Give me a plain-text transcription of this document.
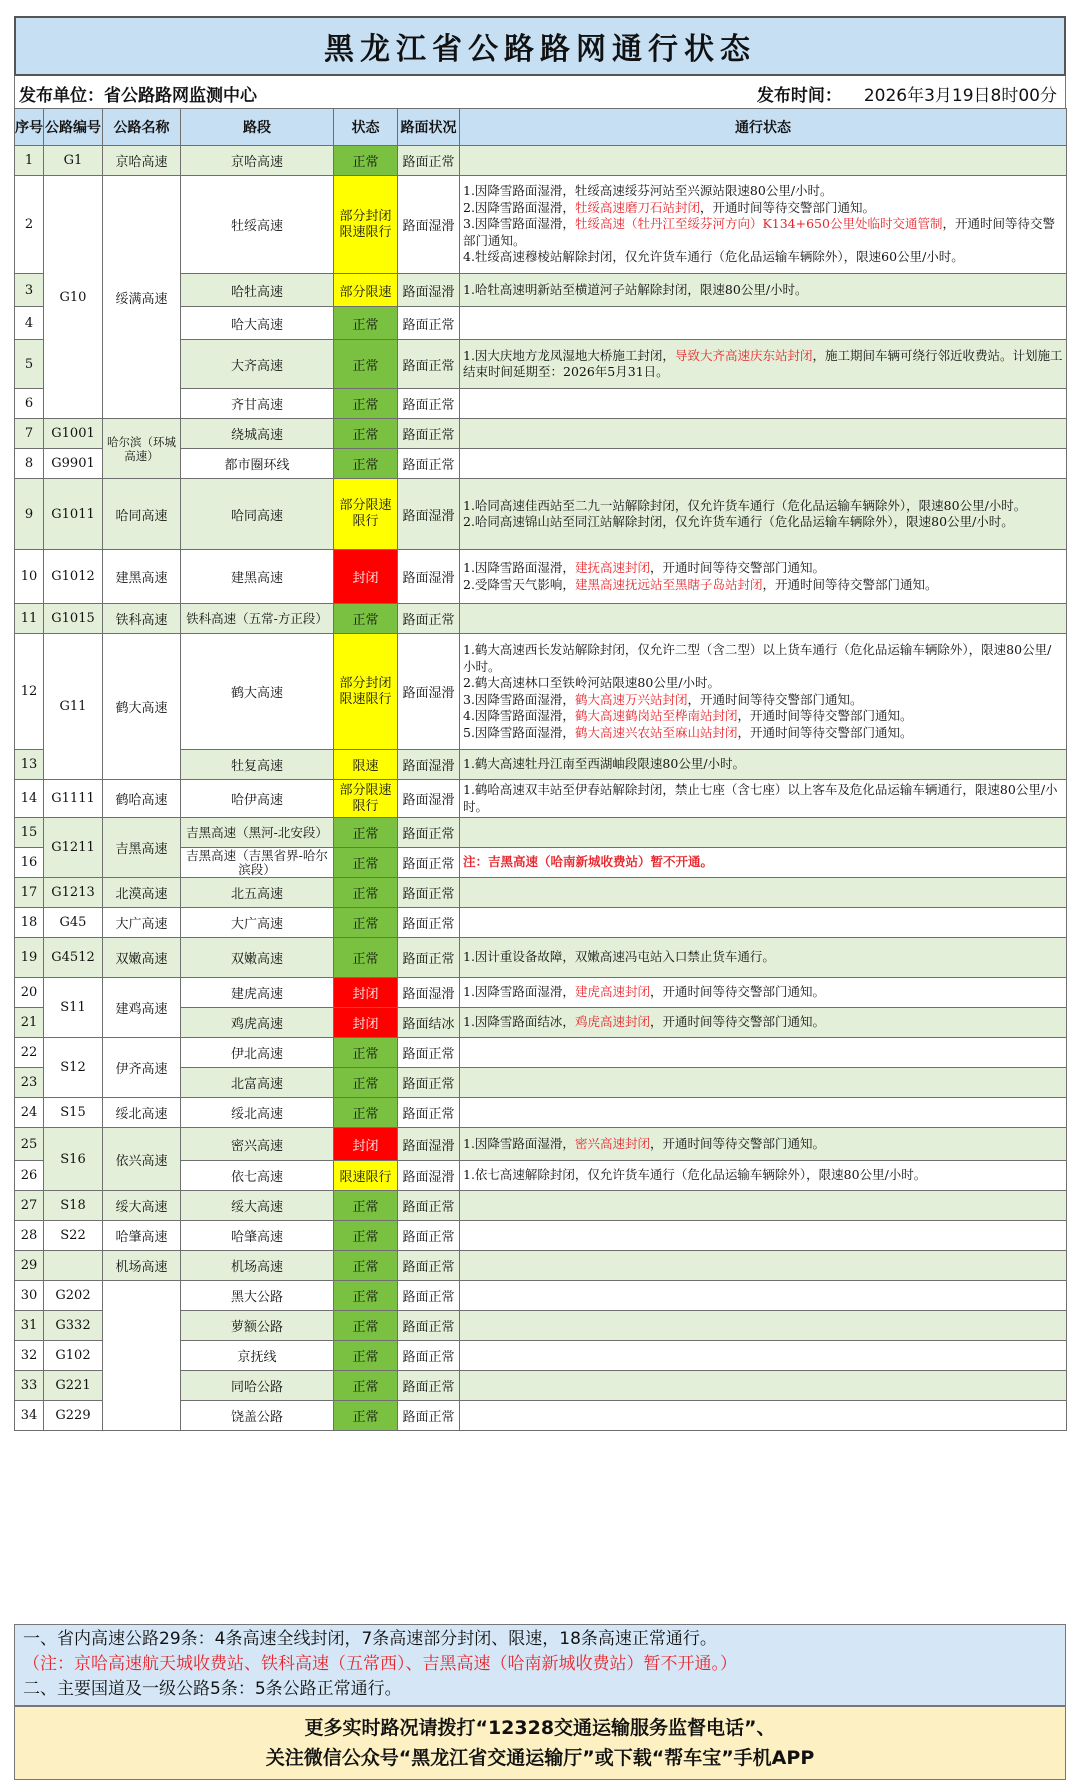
黑龙江省公路路网通行状态
发布单位：省公路路网监测中心	发布时间： 2026年3月19日8时00分
序号	公路编号	公路名称	路段	状态	路面状况	通行状态
1	G1	京哈高速	京哈高速	正常	路面正常	
2	G10	绥满高速	牡绥高速	部分封闭限速限行	路面湿滑	1.因降雪路面湿滑，牡绥高速绥芬河站至兴源站限速80公里/小时。
2.因降雪路面湿滑，牡绥高速磨刀石站封闭，开通时间等待交警部门通知。
3.因降雪路面湿滑，牡绥高速（牡丹江至绥芬河方向）K134+650公里处临时交通管制，开通时间等待交警部门通知。
4.牡绥高速穆棱站解除封闭，仅允许货车通行（危化品运输车辆除外），限速60公里/小时。

3			哈牡高速	部分限速	路面湿滑	1.哈牡高速明新站至横道河子站解除封闭，限速80公里/小时。

4			哈大高速	正常	路面正常	
5			大齐高速	正常	路面正常	1.因大庆地方龙凤湿地大桥施工封闭，导致大齐高速庆东站封闭，施工期间车辆可绕行邻近收费站。计划施工结束时间延期至：2026年5月31日。

6			齐甘高速	正常	路面正常	
7	G1001	哈尔滨（环城高速）	绕城高速	正常	路面正常	
8	G9901		都市圈环线	正常	路面正常	
9	G1011	哈同高速	哈同高速	部分限速限行	路面湿滑	1.哈同高速佳西站至二九一站解除封闭，仅允许货车通行（危化品运输车辆除外），限速80公里/小时。
2.哈同高速锦山站至同江站解除封闭，仅允许货车通行（危化品运输车辆除外），限速80公里/小时。

10	G1012	建黑高速	建黑高速	封闭	路面湿滑	1.因降雪路面湿滑，建抚高速封闭，开通时间等待交警部门通知。
2.受降雪天气影响，建黑高速抚远站至黑瞎子岛站封闭，开通时间等待交警部门通知。

11	G1015	铁科高速	铁科高速（五常-方正段）	正常	路面正常	
12	G11	鹤大高速	鹤大高速	部分封闭限速限行	路面湿滑	1.鹤大高速西长发站解除封闭，仅允许二型（含二型）以上货车通行（危化品运输车辆除外），限速80公里/小时。
2.鹤大高速林口至铁岭河站限速80公里/小时。
3.因降雪路面湿滑，鹤大高速万兴站封闭，开通时间等待交警部门通知。
4.因降雪路面湿滑，鹤大高速鹤岗站至桦南站封闭，开通时间等待交警部门通知。
5.因降雪路面湿滑，鹤大高速兴农站至麻山站封闭，开通时间等待交警部门通知。

13			牡复高速	限速	路面湿滑	1.鹤大高速牡丹江南至西湖岫段限速80公里/小时。

14	G1111	鹤哈高速	哈伊高速	部分限速限行	路面湿滑	1.鹤哈高速双丰站至伊春站解除封闭，禁止七座（含七座）以上客车及危化品运输车辆通行，限速80公里/小时。

15	G1211	吉黑高速	吉黑高速（黑河-北安段）	正常	路面正常	
16			吉黑高速（吉黑省界-哈尔滨段）	正常	路面正常	注：吉黑高速（哈南新城收费站）暂不开通。
17	G1213	北漠高速	北五高速	正常	路面正常	
18	G45	大广高速	大广高速	正常	路面正常	
19	G4512	双嫩高速	双嫩高速	正常	路面正常	1.因计重设备故障，双嫩高速冯屯站入口禁止货车通行。

20	S11	建鸡高速	建虎高速	封闭	路面湿滑	1.因降雪路面湿滑，建虎高速封闭，开通时间等待交警部门通知。

21			鸡虎高速	封闭	路面结冰	1.因降雪路面结冰，鸡虎高速封闭，开通时间等待交警部门通知。

22	S12	伊齐高速	伊北高速	正常	路面正常	
23			北富高速	正常	路面正常	
24	S15	绥北高速	绥北高速	正常	路面正常	
25	S16	依兴高速	密兴高速	封闭	路面湿滑	1.因降雪路面湿滑，密兴高速封闭，开通时间等待交警部门通知。

26			依七高速	限速限行	路面湿滑	1.依七高速解除封闭，仅允许货车通行（危化品运输车辆除外），限速80公里/小时。

27	S18	绥大高速	绥大高速	正常	路面正常	
28	S22	哈肇高速	哈肇高速	正常	路面正常	
29		机场高速	机场高速	正常	路面正常	
30	G202		黑大公路	正常	路面正常	
31	G332		萝额公路	正常	路面正常	
32	G102		京抚线	正常	路面正常	
33	G221		同哈公路	正常	路面正常	
34	G229		饶盖公路	正常	路面正常	
一、省内高速公路29条：4条高速全线封闭，7条高速部分封闭、限速，18条高速正常通行。
（注：京哈高速航天城收费站、铁科高速（五常西）、吉黑高速（哈南新城收费站）暂不开通。）
二、主要国道及一级公路5条：5条公路正常通行。
更多实时路况请拨打“12328交通运输服务监督电话”、
关注微信公众号“黑龙江省交通运输厅”或下载“帮车宝”手机APP
